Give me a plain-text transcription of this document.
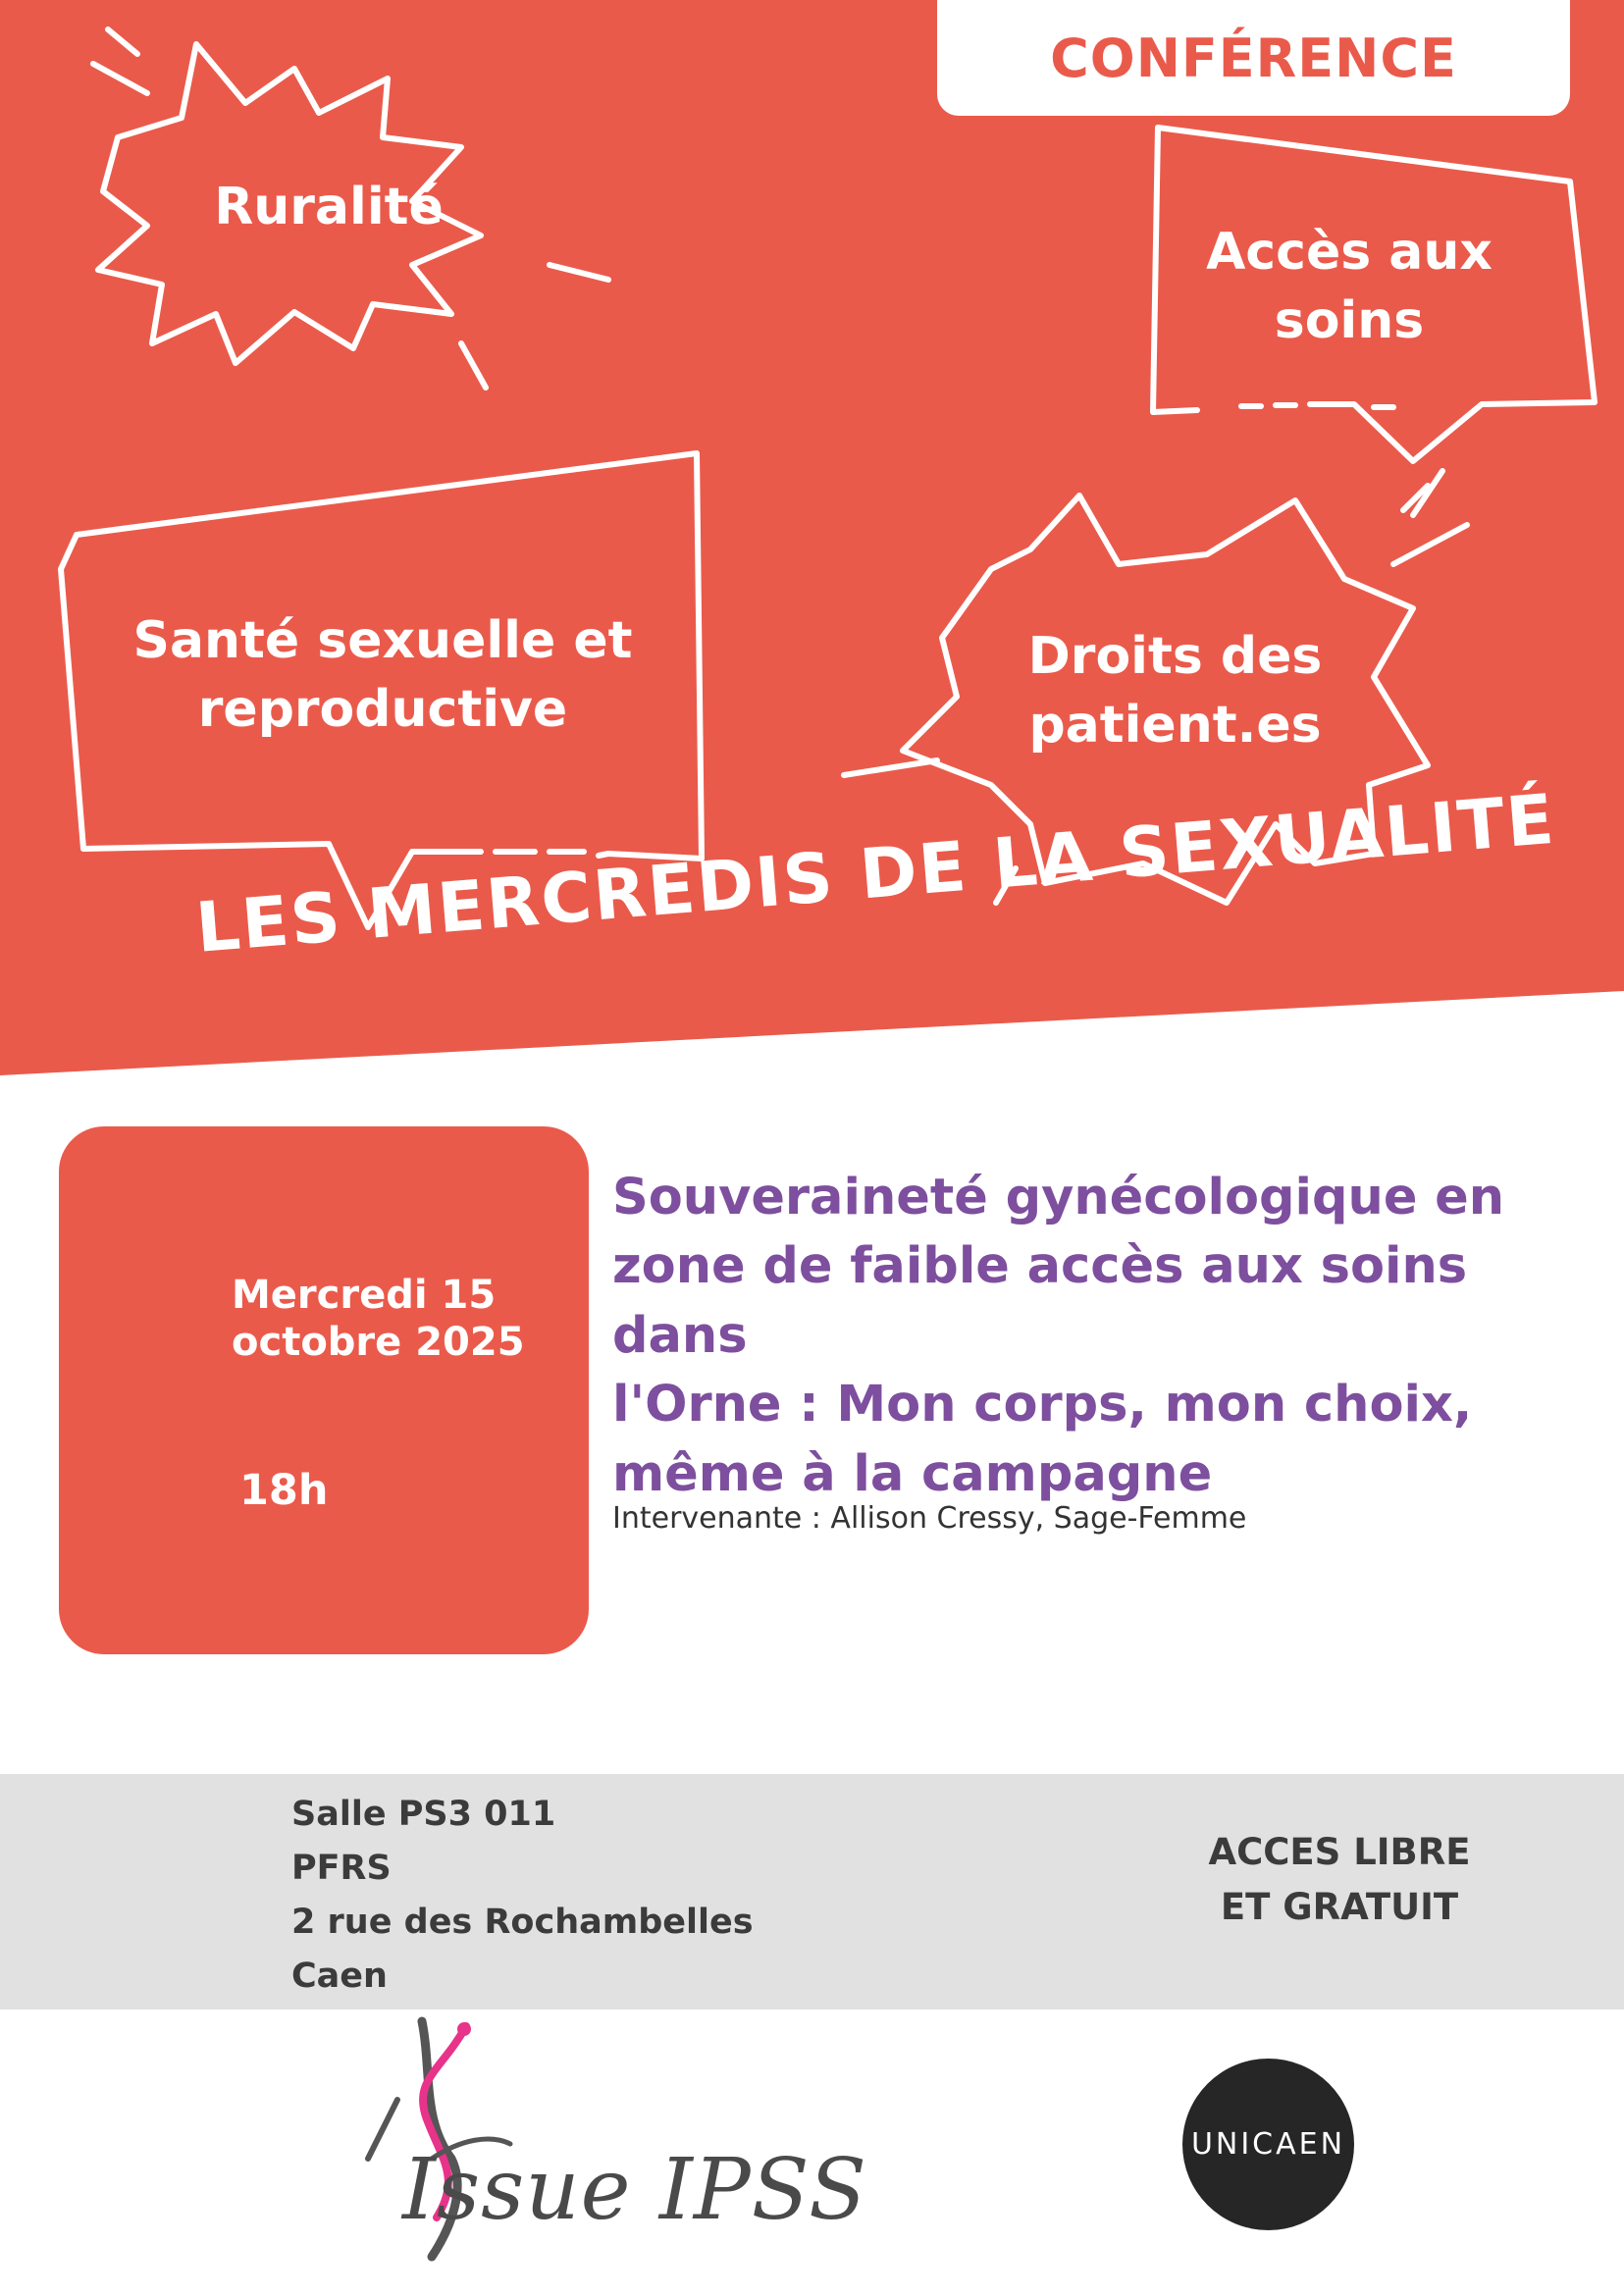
CONFÉRENCE
Ruralité
Accès aux
soins
Santé sexuelle et
reproductive
Droits des
patient.es
LES MERCREDIS DE LA SEXUALITÉ
Mercredi 15
octobre 2025
18h
Souveraineté gynécologique en
zone de faible accès aux soins dans
l'Orne : Mon corps, mon choix,
même à la campagne
Intervenante : Allison Cressy, Sage-Femme
Salle PS3 011
PFRS
2 rue des Rochambelles
Caen
ACCES LIBRE
ET GRATUIT
Issue IPSS	UNICAEN
